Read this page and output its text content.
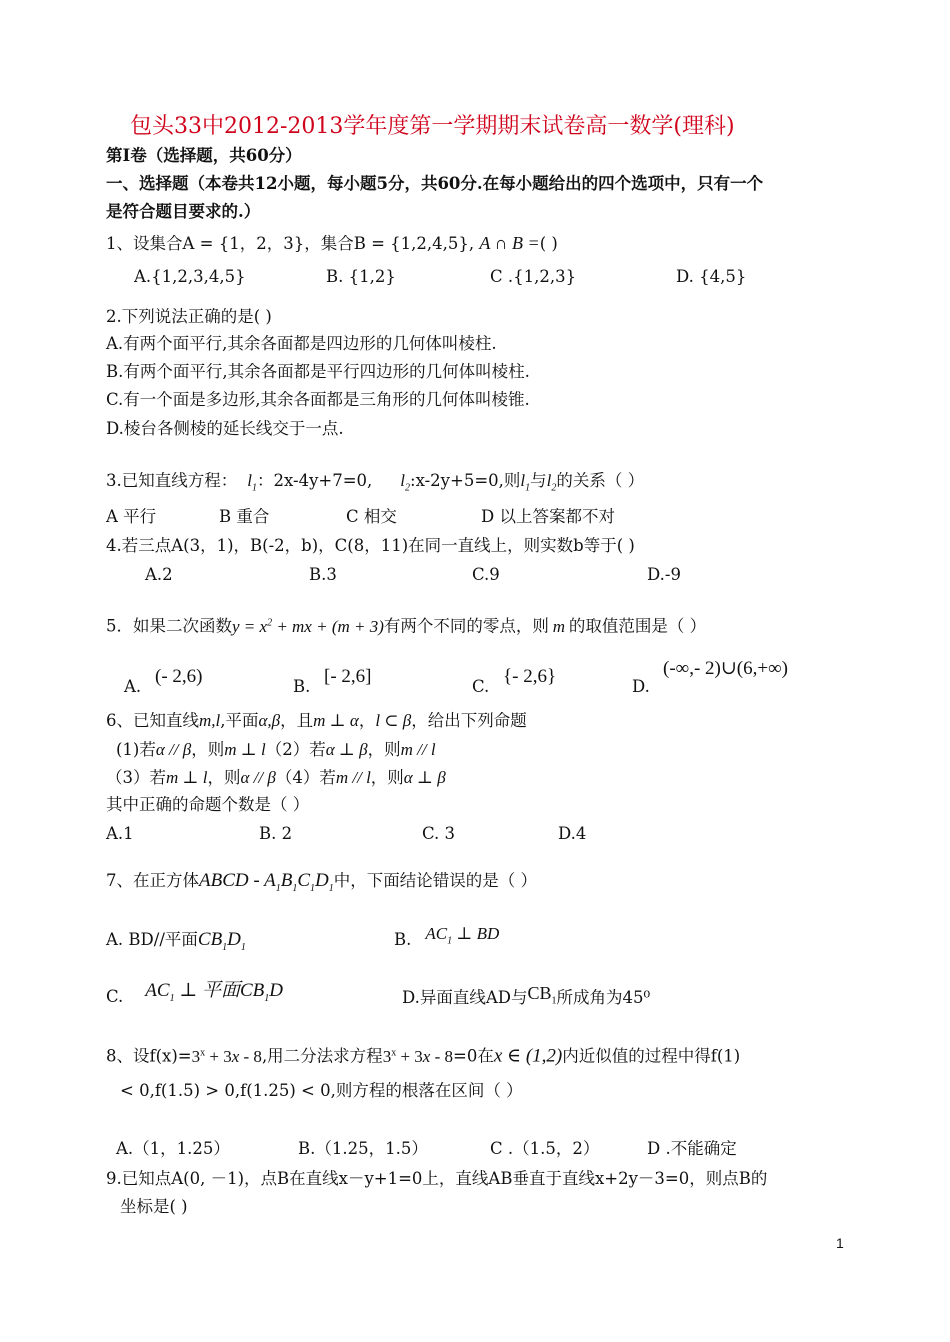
包头33中2012-2013学年度第一学期期末试卷高一数学(理科)
第Ⅰ卷（选择题，共60分）
一、选择题（本卷共12小题，每小题5分，共60分.在每小题给出的四个选项中，只有一个
是符合题目要求的.）
1、设集合A = {1，2，3}，集合B = {1,2,4,5}, A ∩ B =( )
A.{1,2,3,4,5}	B. {1,2}	C .{1,2,3}	D. {4,5}
2.下列说法正确的是( )
A.有两个面平行,其余各面都是四边形的几何体叫棱柱.
B.有两个面平行,其余各面都是平行四边形的几何体叫棱柱.
C.有一个面是多边形,其余各面都是三角形的几何体叫棱锥.
D.棱台各侧棱的延长线交于一点.
3.已知直线方程： $l_1$：2x-4y+7=0, $l_2:x-2y+5=0$,则$l_1$与$l_2$的关系（ ）
A 平行	B 重合	C 相交	D 以上答案都不对
4.若三点A(3，1)，B(-2，b)，C(8，11)在同一直线上，则实数b等于( )
A.2	B.3	C.9	D.-9
5．如果二次函数$y = x^2$ + mx + (m + 3)有两个不同的零点，则 m 的取值范围是（ ）
A. (- 2,6)	B. [- 2,6]	C. {- 2,6}	D.
(-∞,- 2)∪(6,+∞)
6、已知直线m,l,平面α,β，且m ⊥ α，l ⊂ β，给出下列命题
(1)若α // β，则m ⊥ l（2）若α ⊥ β，则m // l
（3）若m ⊥ l，则α // β（4）若m // l，则α ⊥ β
其中正确的命题个数是（ ）
A.1	B. 2	C. 3	D.4
7、在正方体ABCD - $A_1B_1C_1D_1$中，下面结论错误的是（ ）
A. BD//平面$CB_1D_1$	B. $AC_1$ ⊥ BD
C. $AC_1$ ⊥ 平面$CB_1D$	D.异面直线AD与$CB_1$所成角为45⁰
8、设$f(x)=3^x + 3x - 8$,用二分法求方程$3^x + 3x - 8=0$在x ∈ (1,2)内近似值的过程中得f(1)
< 0,f(1.5) > 0,f(1.25) < 0,则方程的根落在区间（ ）
A.（1，1.25）	B.（1.25，1.5）	C .（1.5，2）	D .不能确定
9.已知点A(0, －1)，点B在直线x－y+1=0上，直线AB垂直于直线x+2y－3=0，则点B的
坐标是( )
1
